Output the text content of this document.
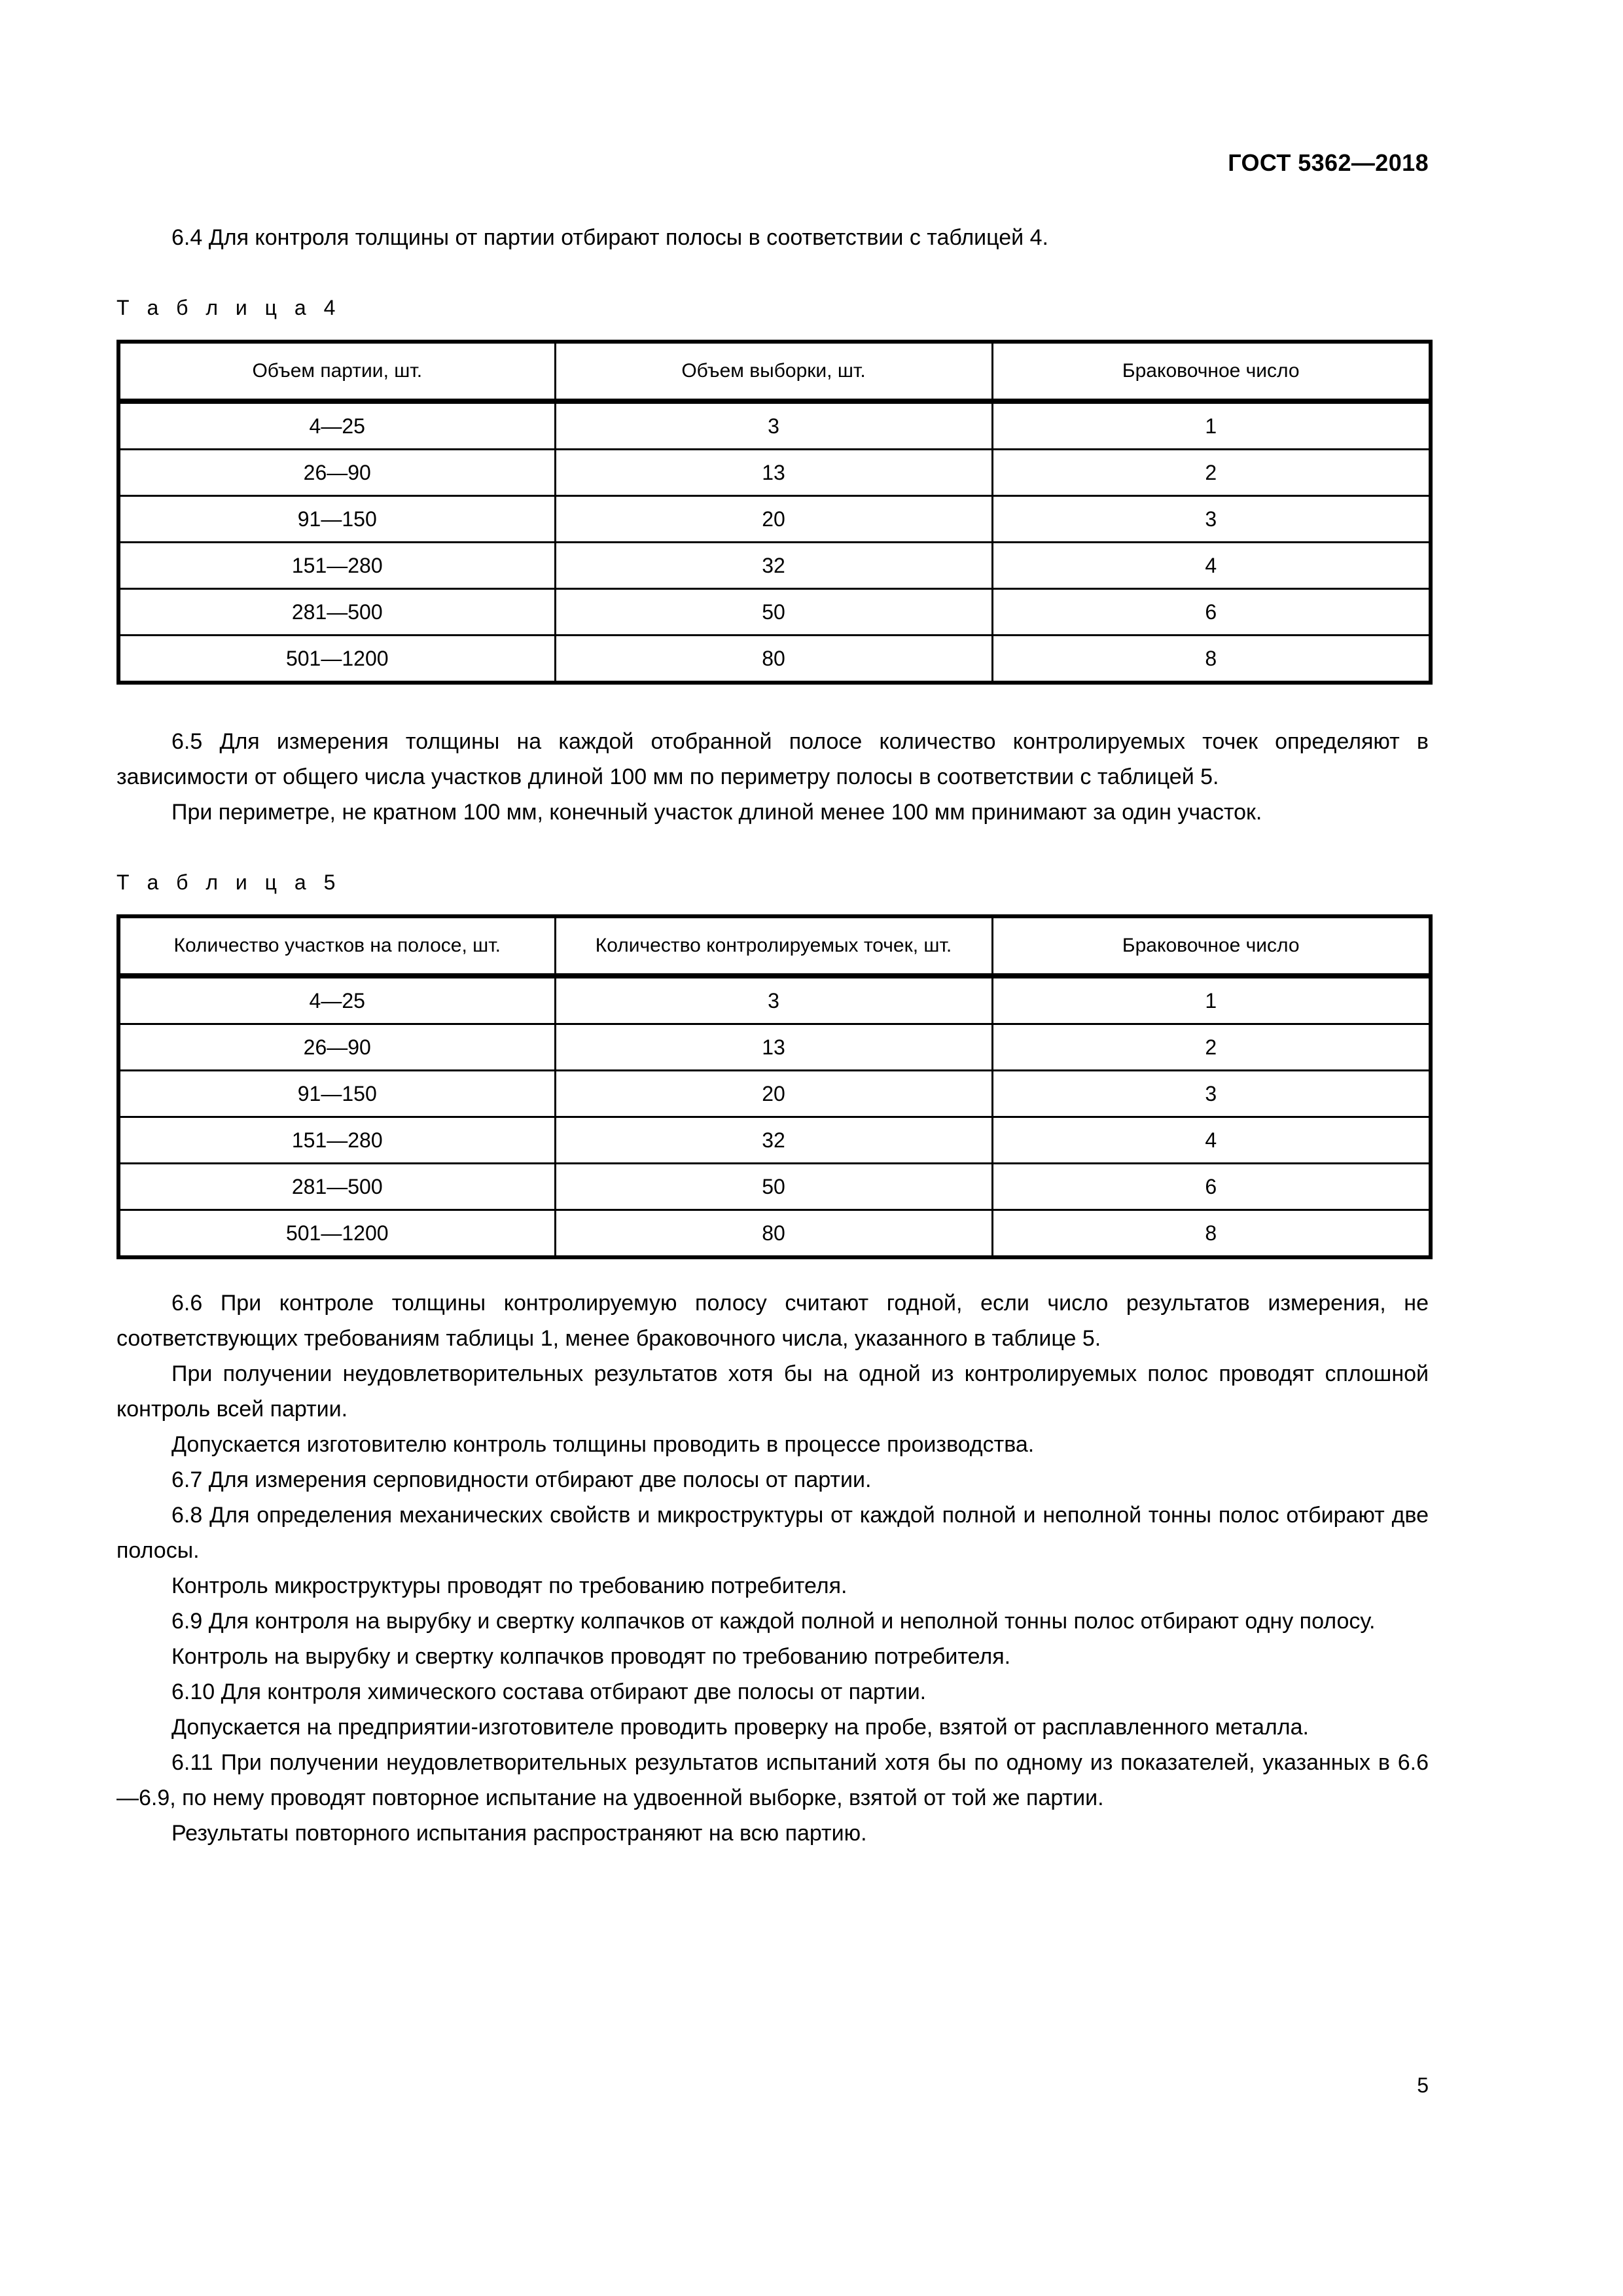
ГОСТ 5362—2018

6.4 Для контроля толщины от партии отбирают полосы в соответствии с таблицей 4.

Т а б л и ц а 4
Объем партии, шт.	Объем выборки, шт.	Браковочное число

4—25	3	1
26—90	13	2
91—150	20	3
151—280	32	4
281—500	50	6
501—1200	80	8

6.5 Для измерения толщины на каждой отобранной полосе количество контролируемых точек определяют в зависимости от общего числа участков длиной 100 мм по периметру полосы в соответствии с таблицей 5.

При периметре, не кратном 100 мм, конечный участок длиной менее 100 мм принимают за один участок.

Т а б л и ц а 5
Количество участков на полосе, шт.	Количество контролируемых точек, шт.	Браковочное число

4—25	3	1
26—90	13	2
91—150	20	3
151—280	32	4
281—500	50	6
501—1200	80	8

6.6 При контроле толщины контролируемую полосу считают годной, если число результатов измерения, не соответствующих требованиям таблицы 1, менее браковочного числа, указанного в таблице 5.

При получении неудовлетворительных результатов хотя бы на одной из контролируемых полос проводят сплошной контроль всей партии.

Допускается изготовителю контроль толщины проводить в процессе производства.

6.7 Для измерения серповидности отбирают две полосы от партии.

6.8 Для определения механических свойств и микроструктуры от каждой полной и неполной тонны полос отбирают две полосы.

Контроль микроструктуры проводят по требованию потребителя.

6.9 Для контроля на вырубку и свертку колпачков от каждой полной и неполной тонны полос отбирают одну полосу.

Контроль на вырубку и свертку колпачков проводят по требованию потребителя.

6.10 Для контроля химического состава отбирают две полосы от партии.

Допускается на предприятии-изготовителе проводить проверку на пробе, взятой от расплавленного металла.

6.11 При получении неудовлетворительных результатов испытаний хотя бы по одному из показателей, указанных в 6.6—6.9, по нему проводят повторное испытание на удвоенной выборке, взятой от той же партии.

Результаты повторного испытания распространяют на всю партию.

5
